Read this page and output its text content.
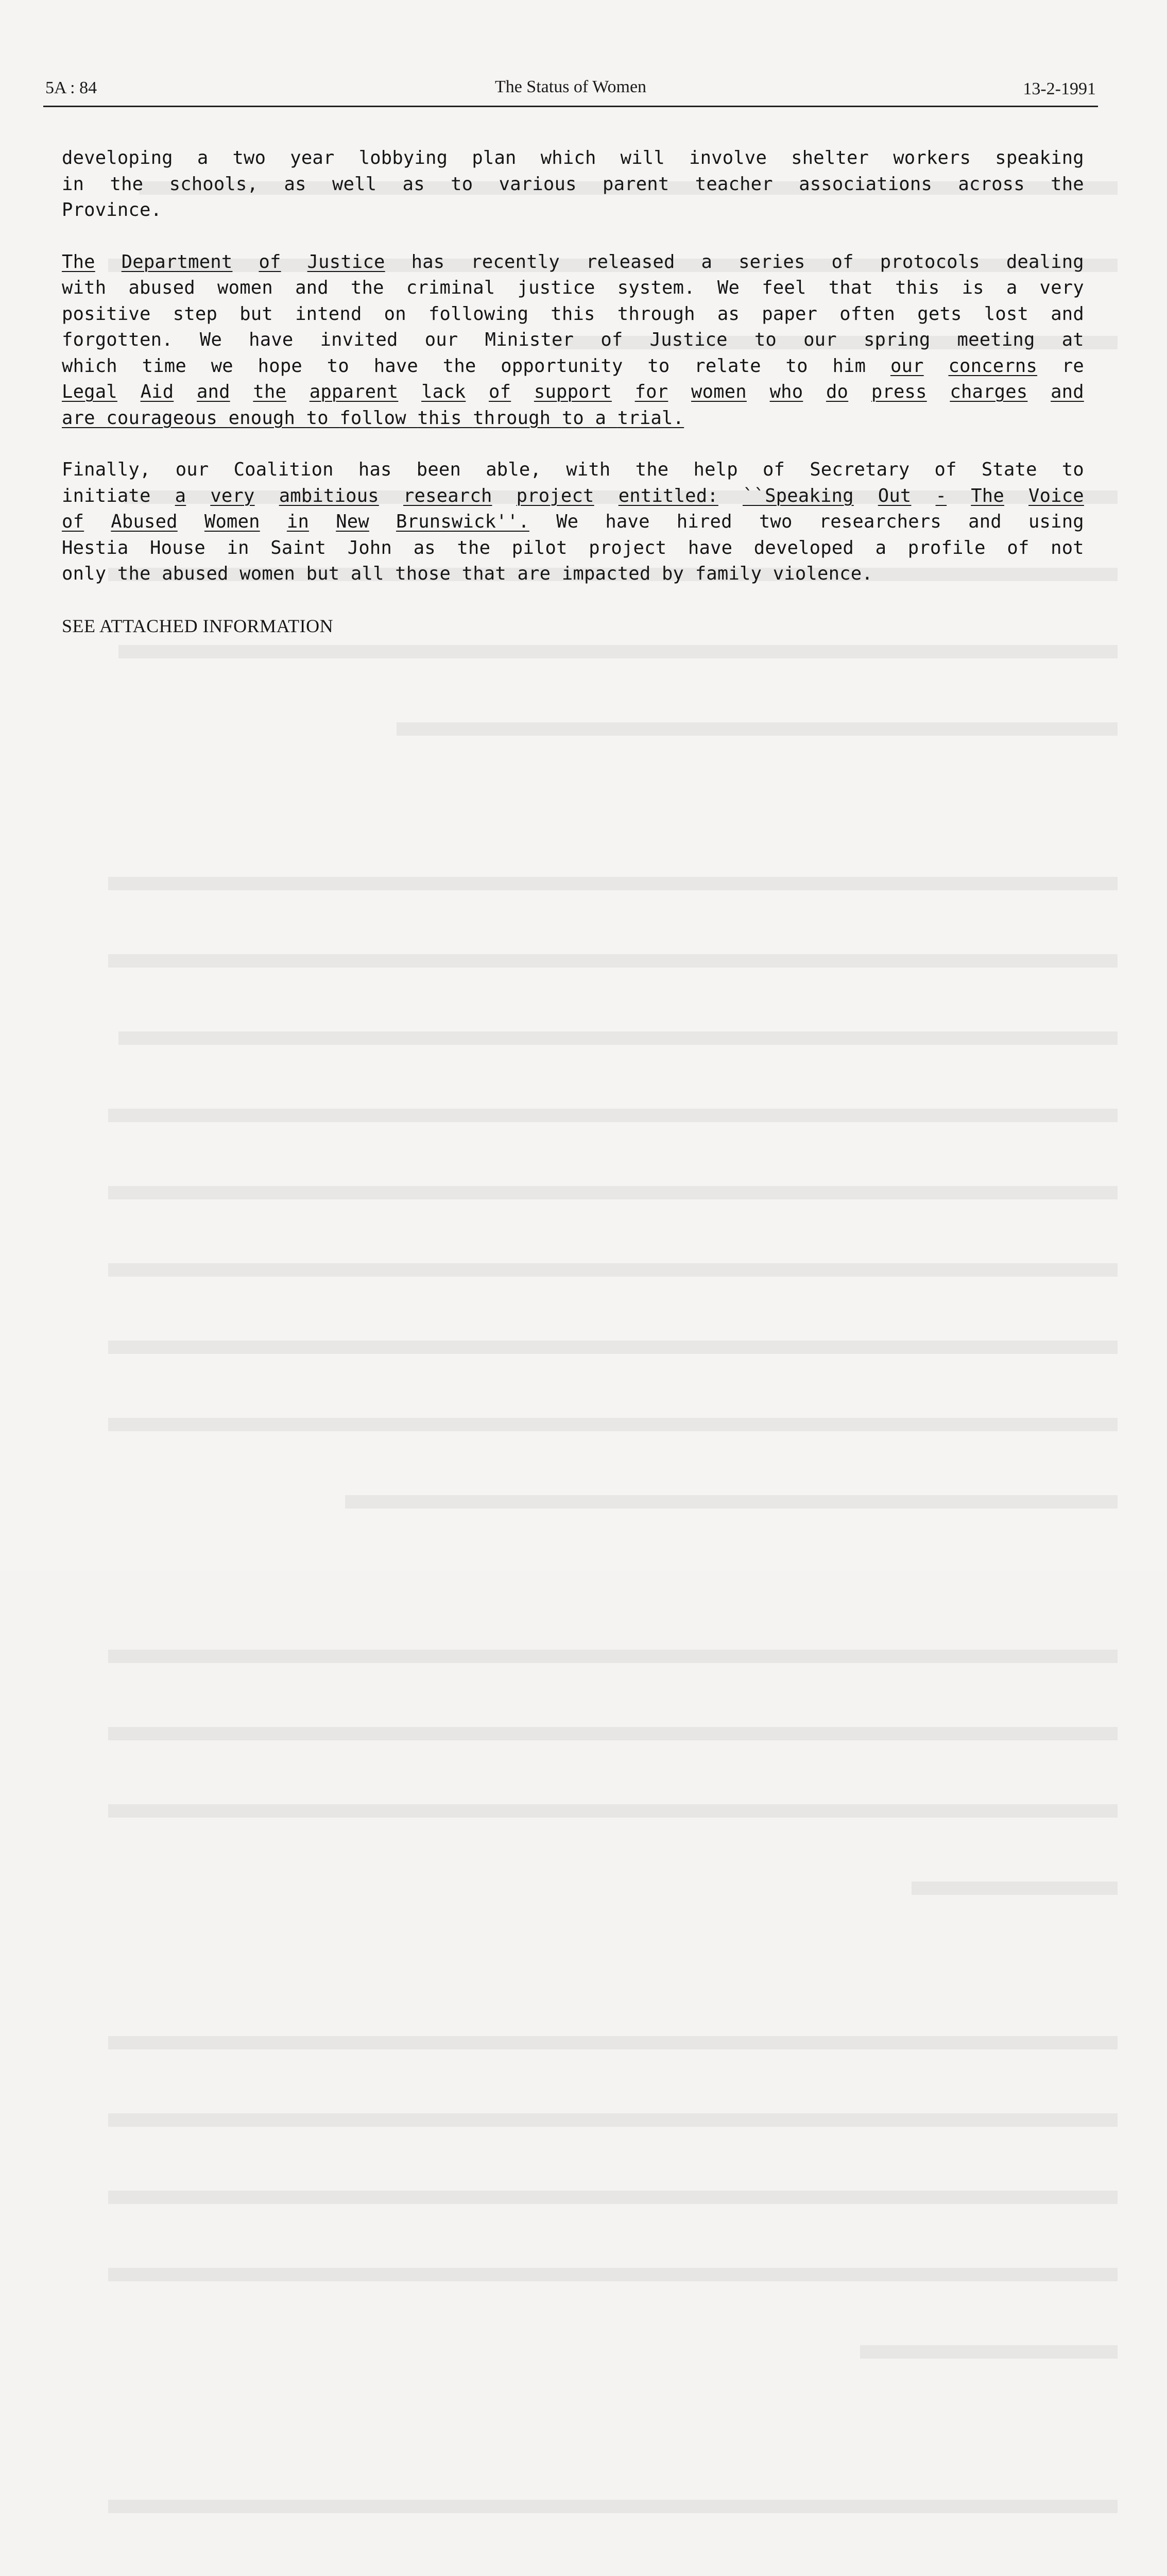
5A : 84	The Status of Women	13-2-1991
developing a two year lobbying plan which will involve shelter workers speaking
in the schools, as well as to various parent teacher associations across the
Province.
The Department of Justice has recently released a series of protocols dealing
with abused women and the criminal justice system. We feel that this is a very
positive step but intend on following this through as paper often gets lost and
forgotten. We have invited our Minister of Justice to our spring meeting at
which time we hope to have the opportunity to relate to him our concerns re
Legal Aid and the apparent lack of support for women who do press charges and
are courageous enough to follow this through to a trial.
Finally, our Coalition has been able, with the help of Secretary of State to
initiate a very ambitious research project entitled: ``Speaking Out - The Voice
of Abused Women in New Brunswick''. We have hired two researchers and using
Hestia House in Saint John as the pilot project have developed a profile of not
only the abused women but all those that are impacted by family violence.
SEE ATTACHED INFORMATION
